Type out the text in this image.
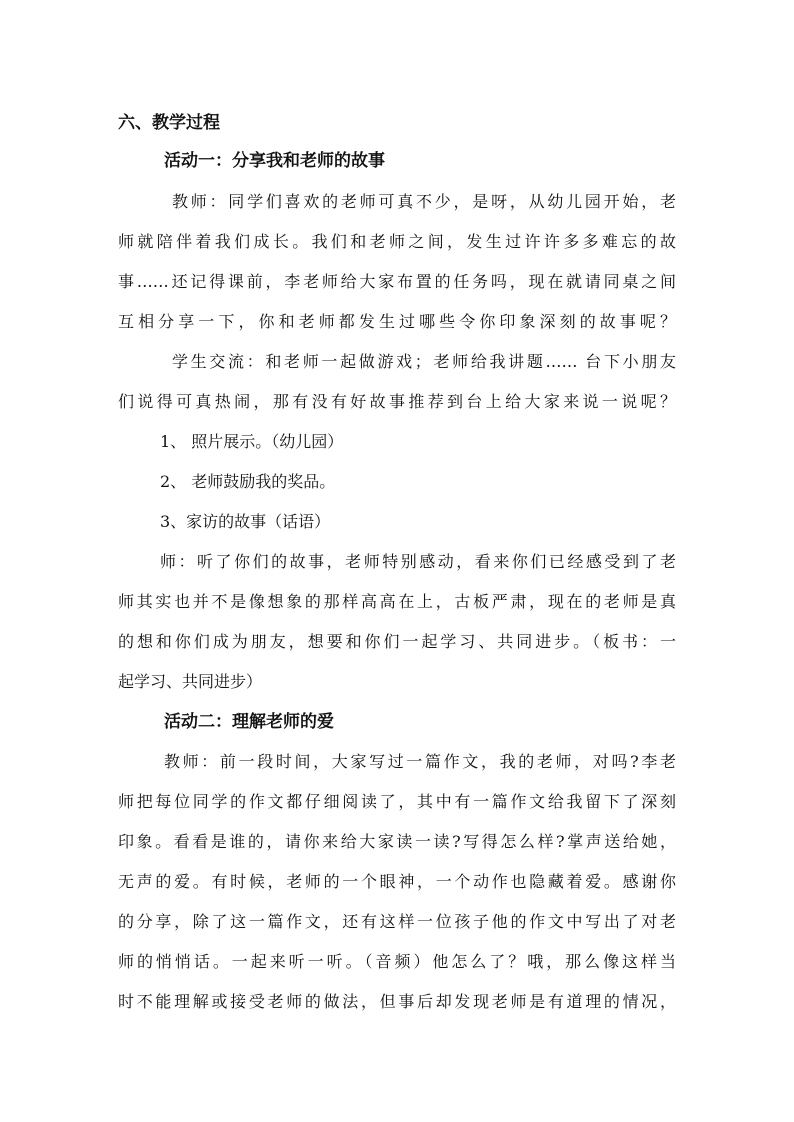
六、教学过程
活动一：分享我和老师的故事
教师：同学们喜欢的老师可真不少，是呀，从幼儿园开始，老
师就陪伴着我们成长。我们和老师之间，发生过许许多多难忘的故
事……还记得课前，李老师给大家布置的任务吗，现在就请同桌之间
互相分享一下，你和老师都发生过哪些令你印象深刻的故事呢？
学生交流：和老师一起做游戏；老师给我讲题…… 台下小朋友
们说得可真热闹，那有没有好故事推荐到台上给大家来说一说呢？
1、 照片展示。（幼儿园）
2、 老师鼓励我的奖品。
3、家访的故事（话语）
师：听了你们的故事，老师特别感动，看来你们已经感受到了老
师其实也并不是像想象的那样高高在上，古板严肃，现在的老师是真
的想和你们成为朋友，想要和你们一起学习、共同进步。（板书：一
起学习、共同进步）
活动二：理解老师的爱
教师：前一段时间，大家写过一篇作文，我的老师，对吗?李老
师把每位同学的作文都仔细阅读了，其中有一篇作文给我留下了深刻
印象。看看是谁的，请你来给大家读一读?写得怎么样?掌声送给她，
无声的爱。有时候，老师的一个眼神，一个动作也隐藏着爱。感谢你
的分享，除了这一篇作文，还有这样一位孩子他的作文中写出了对老
师的悄悄话。一起来听一听。（音频）他怎么了？哦，那么像这样当
时不能理解或接受老师的做法，但事后却发现老师是有道理的情况，
